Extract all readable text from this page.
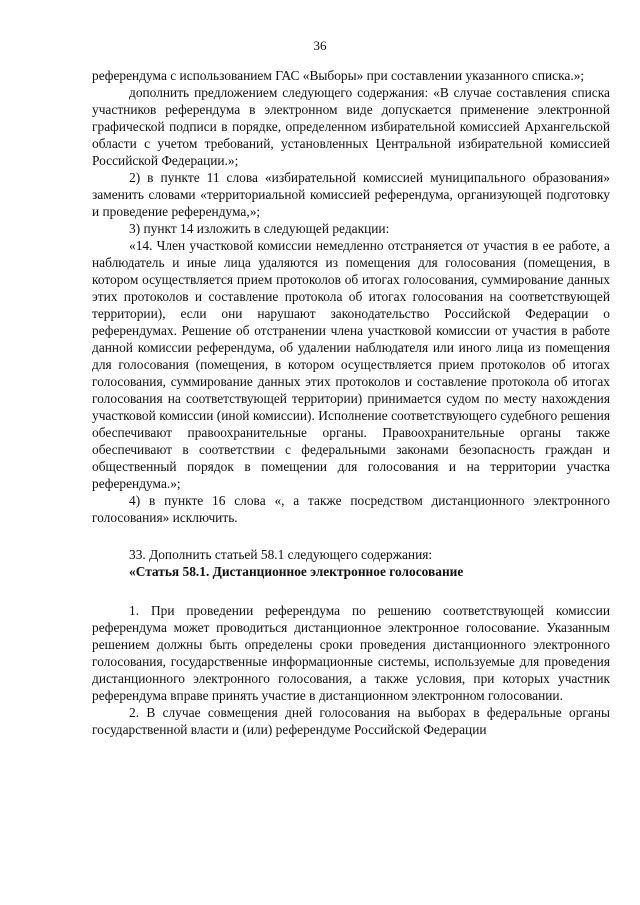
36

референдума с использованием ГАС «Выборы» при составлении указанного списка.»;

дополнить предложением следующего содержания: «В случае составления списка участников референдума в электронном виде допускается применение электронной графической подписи в порядке, определенном избирательной комиссией Архангельской области с учетом требований, установленных Центральной избирательной комиссией Российской Федерации.»;

2) в пункте 11 слова «избирательной комиссией муниципального образования» заменить словами «территориальной комиссией референдума, организующей подготовку и проведение референдума,»;

3) пункт 14 изложить в следующей редакции:

«14. Член участковой комиссии немедленно отстраняется от участия в ее работе, а наблюдатель и иные лица удаляются из помещения для голосования (помещения, в котором осуществляется прием протоколов об итогах голосования, суммирование данных этих протоколов и составление протокола об итогах голосования на соответствующей территории), если они нарушают законодательство Российской Федерации о референдумах. Решение об отстранении члена участковой комиссии от участия в работе данной комиссии референдума, об удалении наблюдателя или иного лица из помещения для голосования (помещения, в котором осуществляется прием протоколов об итогах голосования, суммирование данных этих протоколов и составление протокола об итогах голосования на соответствующей территории) принимается судом по месту нахождения участковой комиссии (иной комиссии). Исполнение соответствующего судебного решения обеспечивают правоохранительные органы. Правоохранительные органы также обеспечивают в соответствии с федеральными законами безопасность граждан и общественный порядок в помещении для голосования и на территории участка референдума.»;

4) в пункте 16 слова «, а также посредством дистанционного электронного голосования» исключить.

33. Дополнить статьей 58.1 следующего содержания:

«Статья 58.1. Дистанционное электронное голосование

1. При проведении референдума по решению соответствующей комиссии референдума может проводиться дистанционное электронное голосование. Указанным решением должны быть определены сроки проведения дистанционного электронного голосования, государственные информационные системы, используемые для проведения дистанционного электронного голосования, а также условия, при которых участник референдума вправе принять участие в дистанционном электронном голосовании.

2. В случае совмещения дней голосования на выборах в федеральные органы государственной власти и (или) референдуме Российской Федерации
